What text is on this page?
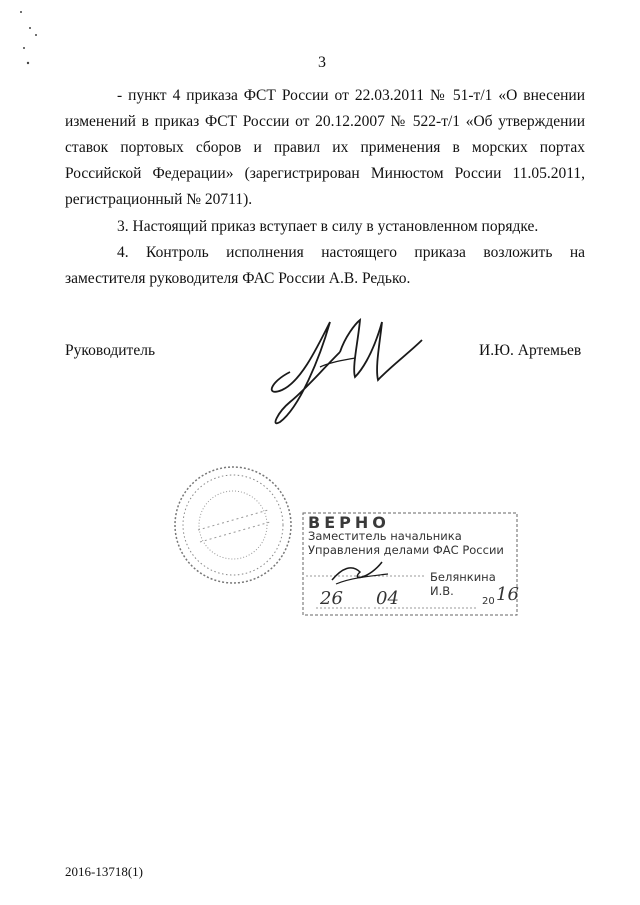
3
- пункт 4 приказа ФСТ России от 22.03.2011 № 51-т/1 «О внесении изменений в приказ ФСТ России от 20.12.2007 № 522-т/1 «Об утверждении ставок портовых сборов и правил их применения в морских портах Российской Федерации» (зарегистрирован Минюстом России 11.05.2011, регистрационный № 20711).
3. Настоящий приказ вступает в силу в установленном порядке.
4. Контроль исполнения настоящего приказа возложить на заместителя руководителя ФАС России А.В. Редько.
Руководитель	И.Ю. Артемьев
ВЕРНО
Заместитель начальника
Управления делами ФАС России
Белянкина И.В.
26 04	20 16
2016-13718(1)
